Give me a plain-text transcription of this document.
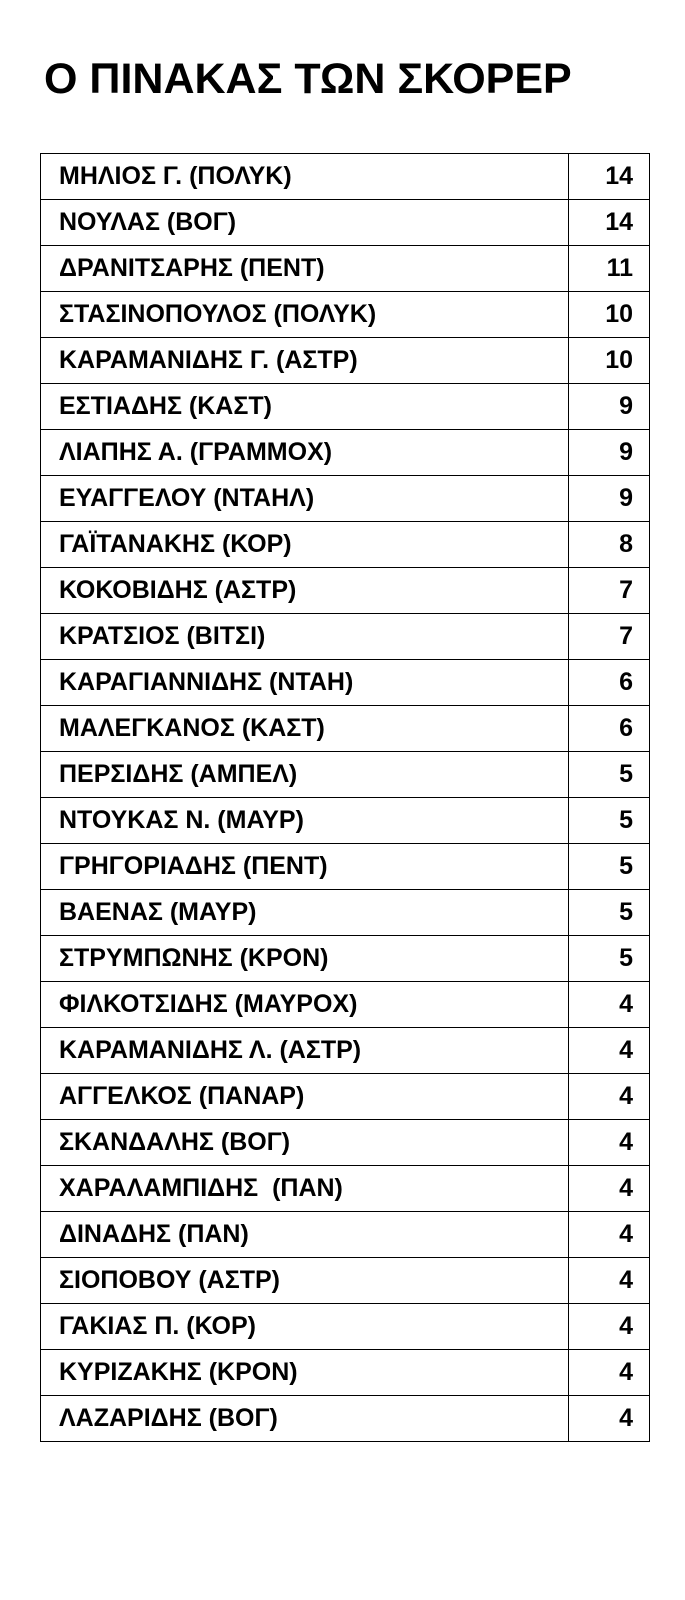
Ο ΠΙΝΑΚΑΣ ΤΩΝ ΣΚΟΡΕΡ
ΜΗΛΙΟΣ Γ. (ΠΟΛΥΚ)	14
ΝΟΥΛΑΣ (ΒΟΓ)	14
ΔΡΑΝΙΤΣΑΡΗΣ (ΠΕΝΤ)	11
ΣΤΑΣΙΝΟΠΟΥΛΟΣ (ΠΟΛΥΚ)	10
ΚΑΡΑΜΑΝΙΔΗΣ Γ. (ΑΣΤΡ)	10
ΕΣΤΙΑΔΗΣ (ΚΑΣΤ)	9
ΛΙΑΠΗΣ Α. (ΓΡΑΜΜΟΧ)	9
ΕΥΑΓΓΕΛΟΥ (ΝΤΑΗΛ)	9
ΓΑΪΤΑΝΑΚΗΣ (ΚΟΡ)	8
ΚΟΚΟΒΙΔΗΣ (ΑΣΤΡ)	7
ΚΡΑΤΣΙΟΣ (ΒΙΤΣΙ)	7
ΚΑΡΑΓΙΑΝΝΙΔΗΣ (ΝΤΑΗ)	6
ΜΑΛΕΓΚΑΝΟΣ (ΚΑΣΤ)	6
ΠΕΡΣΙΔΗΣ (ΑΜΠΕΛ)	5
ΝΤΟΥΚΑΣ Ν. (ΜΑΥΡ)	5
ΓΡΗΓΟΡΙΑΔΗΣ (ΠΕΝΤ)	5
ΒΑΕΝΑΣ (ΜΑΥΡ)	5
ΣΤΡΥΜΠΩΝΗΣ (ΚΡΟΝ)	5
ΦΙΛΚΟΤΣΙΔΗΣ (ΜΑΥΡΟΧ)	4
ΚΑΡΑΜΑΝΙΔΗΣ Λ. (ΑΣΤΡ)	4
ΑΓΓΕΛΚΟΣ (ΠΑΝΑΡ)	4
ΣΚΑΝΔΑΛΗΣ (ΒΟΓ)	4
ΧΑΡΑΛΑΜΠΙΔΗΣ  (ΠΑΝ)	4
ΔΙΝΑΔΗΣ (ΠΑΝ)	4
ΣΙΟΠΟΒΟΥ (ΑΣΤΡ)	4
ΓΑΚΙΑΣ Π. (ΚΟΡ)	4
ΚΥΡΙΖΑΚΗΣ (ΚΡΟΝ)	4
ΛΑΖΑΡΙΔΗΣ (ΒΟΓ)	4
